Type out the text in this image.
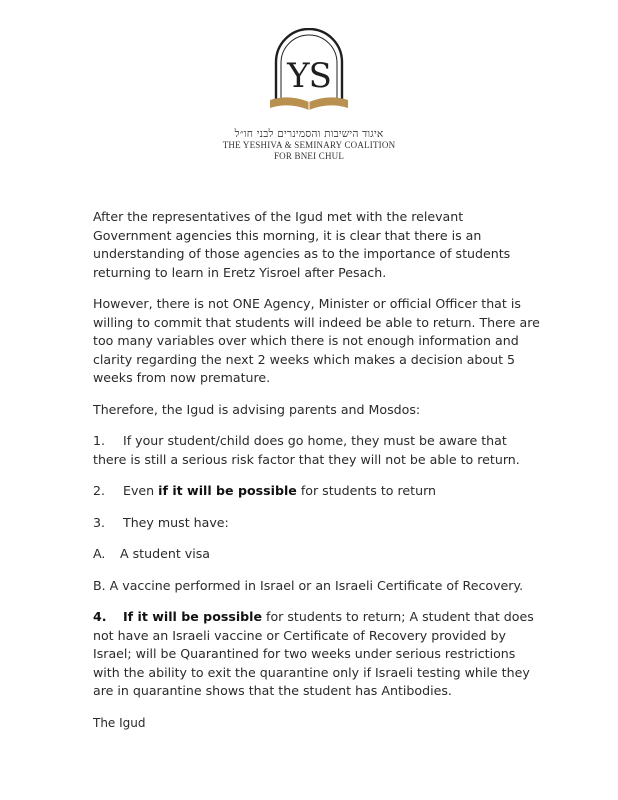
YS
איגוד הישיבות והסמינרים לבני חו״ל
THE YESHIVA & SEMINARY COALITION
FOR BNEI CHUL

After the representatives of the Igud met with the relevant Government agencies this morning, it is clear that there is an understanding of those agencies as to the importance of students returning to learn in Eretz Yisroel after Pesach.

However, there is not ONE Agency, Minister or official Officer that is willing to commit that students will indeed be able to return. There are too many variables over which there is not enough information and clarity regarding the next 2 weeks which makes a decision about 5 weeks from now premature.

Therefore, the Igud is advising parents and Mosdos:

1. If your student/child does go home, they must be aware that there is still a serious risk factor that they will not be able to return.

2. Even if it will be possible for students to return

3. They must have:

A. A student visa

B. A vaccine performed in Israel or an Israeli Certificate of Recovery.

4. If it will be possible for students to return; A student that does not have an Israeli vaccine or Certificate of Recovery provided by Israel; will be Quarantined for two weeks under serious restrictions with the ability to exit the quarantine only if Israeli testing while they are in quarantine shows that the student has Antibodies.

The Igud
